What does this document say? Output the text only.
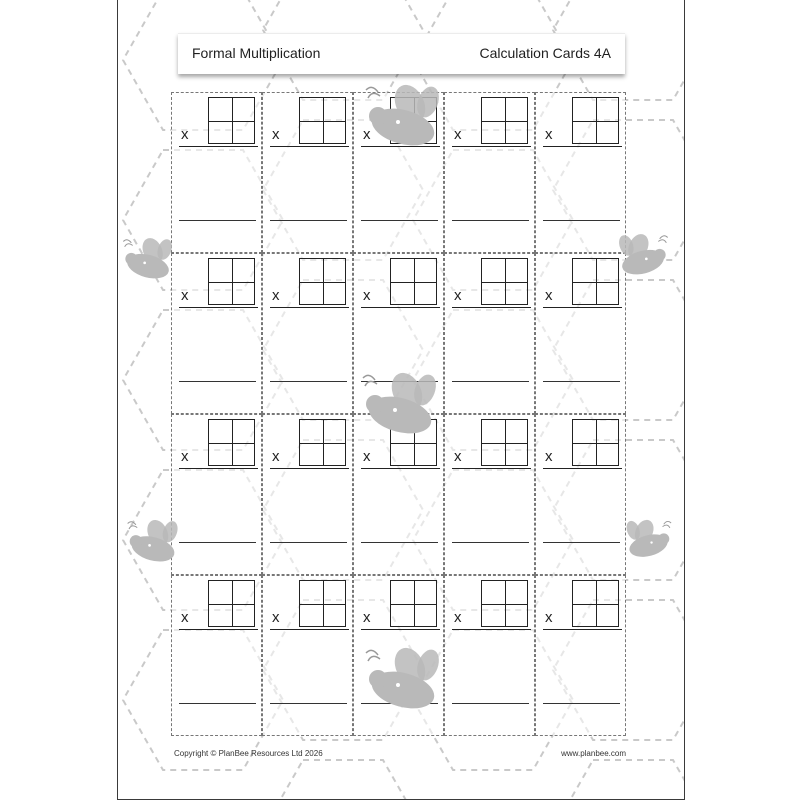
Formal Multiplication	Calculation Cards 4A
x	x	x	x	x
x	x	x	x	x
x	x	x	x	x
x	x	x	x	x
Copyright © PlanBee Resources Ltd 2026	www.planbee.com
